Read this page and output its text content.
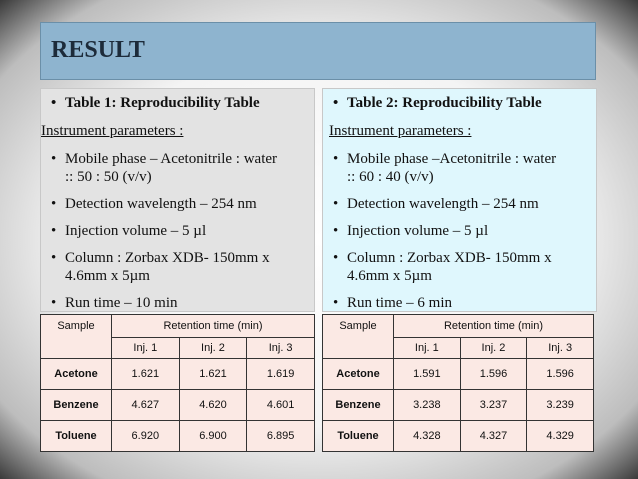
RESULT
• Table 1: Reproducibility Table
Instrument parameters :
• Mobile phase – Acetonitrile : water
:: 50 : 50 (v/v)
• Detection wavelength – 254 nm
• Injection volume – 5 µl
• Column : Zorbax XDB- 150mm x
4.6mm x 5µm
• Run time – 10 min
• Table 2: Reproducibility Table
Instrument parameters :
• Mobile phase –Acetonitrile : water
:: 60 : 40 (v/v)
• Detection wavelength – 254 nm
• Injection volume – 5 µl
• Column : Zorbax XDB- 150mm x
4.6mm x 5µm
• Run time – 6 min
Sample	Retention time (min)		
	Inj. 1	Inj. 2	Inj. 3
Acetone	1.621	1.621	1.619
Benzene	4.627	4.620	4.601
Toluene	6.920	6.900	6.895
Sample	Retention time (min)		
	Inj. 1	Inj. 2	Inj. 3
Acetone	1.591	1.596	1.596
Benzene	3.238	3.237	3.239
Toluene	4.328	4.327	4.329
